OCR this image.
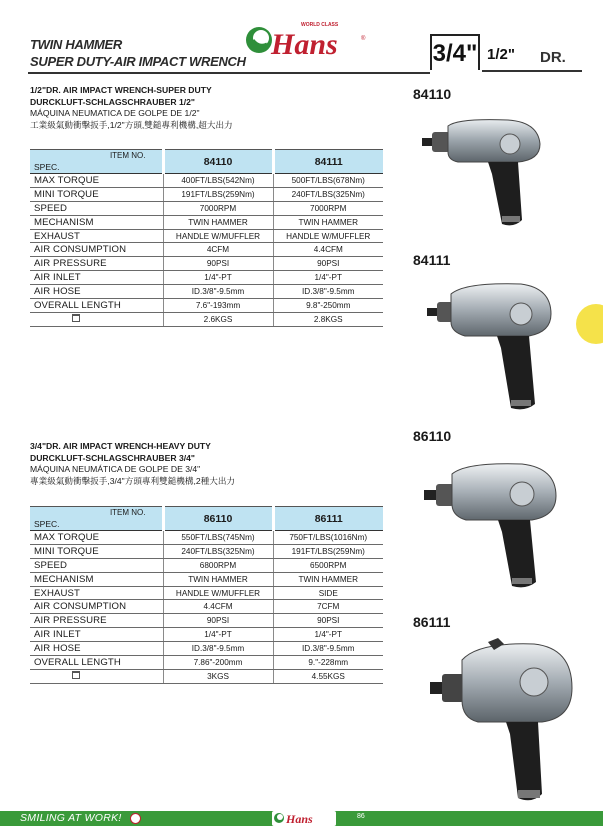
TWIN HAMMER
SUPER DUTY-AIR IMPACT WRENCH
Hans
WORLD CLASS
®
3/4" 1/2" DR.
1/2"DR. AIR IMPACT WRENCH-SUPER DUTY
DURCKLUFT-SCHLAGSCHRAUBER 1/2"
MÁQUINA NEUMATICA DE GOLPE DE 1/2"
工業級氣動衝擊扳手,1/2"方頭,雙鎚專利機構,超大出力
ITEM NO.
SPEC.	84110	84111
MAX TORQUE	400FT/LBS(542Nm)	500FT/LBS(678Nm)
MINI TORQUE	191FT/LBS(259Nm)	240FT/LBS(325Nm)
SPEED	7000RPM	7000RPM
MECHANISM	TWIN HAMMER	TWIN HAMMER
EXHAUST	HANDLE W/MUFFLER	HANDLE W/MUFFLER
AIR CONSUMPTION	4CFM	4.4CFM
AIR PRESSURE	90PSI	90PSI
AIR INLET	1/4"-PT	1/4"-PT
AIR HOSE	ID.3/8"-9.5mm	ID.3/8"-9.5mm
OVERALL LENGTH	7.6"-193mm	9.8"-250mm
	2.6KGS	2.8KGS
3/4"DR. AIR IMPACT WRENCH-HEAVY DUTY
DURCKLUFT-SCHLAGSCHRAUBER 3/4"
MÁQUINA NEUMÁTICA DE GOLPE DE 3/4"
專業級氣動衝擊扳手,3/4"方頭專利雙鎚機構,2種大出力
ITEM NO.
SPEC.	86110	86111
MAX TORQUE	550FT/LBS(745Nm)	750FT/LBS(1016Nm)
MINI TORQUE	240FT/LBS(325Nm)	191FT/LBS(259Nm)
SPEED	6800RPM	6500RPM
MECHANISM	TWIN HAMMER	TWIN HAMMER
EXHAUST	HANDLE W/MUFFLER	SIDE
AIR CONSUMPTION	4.4CFM	7CFM
AIR PRESSURE	90PSI	90PSI
AIR INLET	1/4"-PT	1/4"-PT
AIR HOSE	ID.3/8"-9.5mm	ID.3/8"-9.5mm
OVERALL LENGTH	7.86"-200mm	9."-228mm
	3KGS	4.55KGS
84110
84111
86110
86111
SMILING AT WORK!	Hans	86
